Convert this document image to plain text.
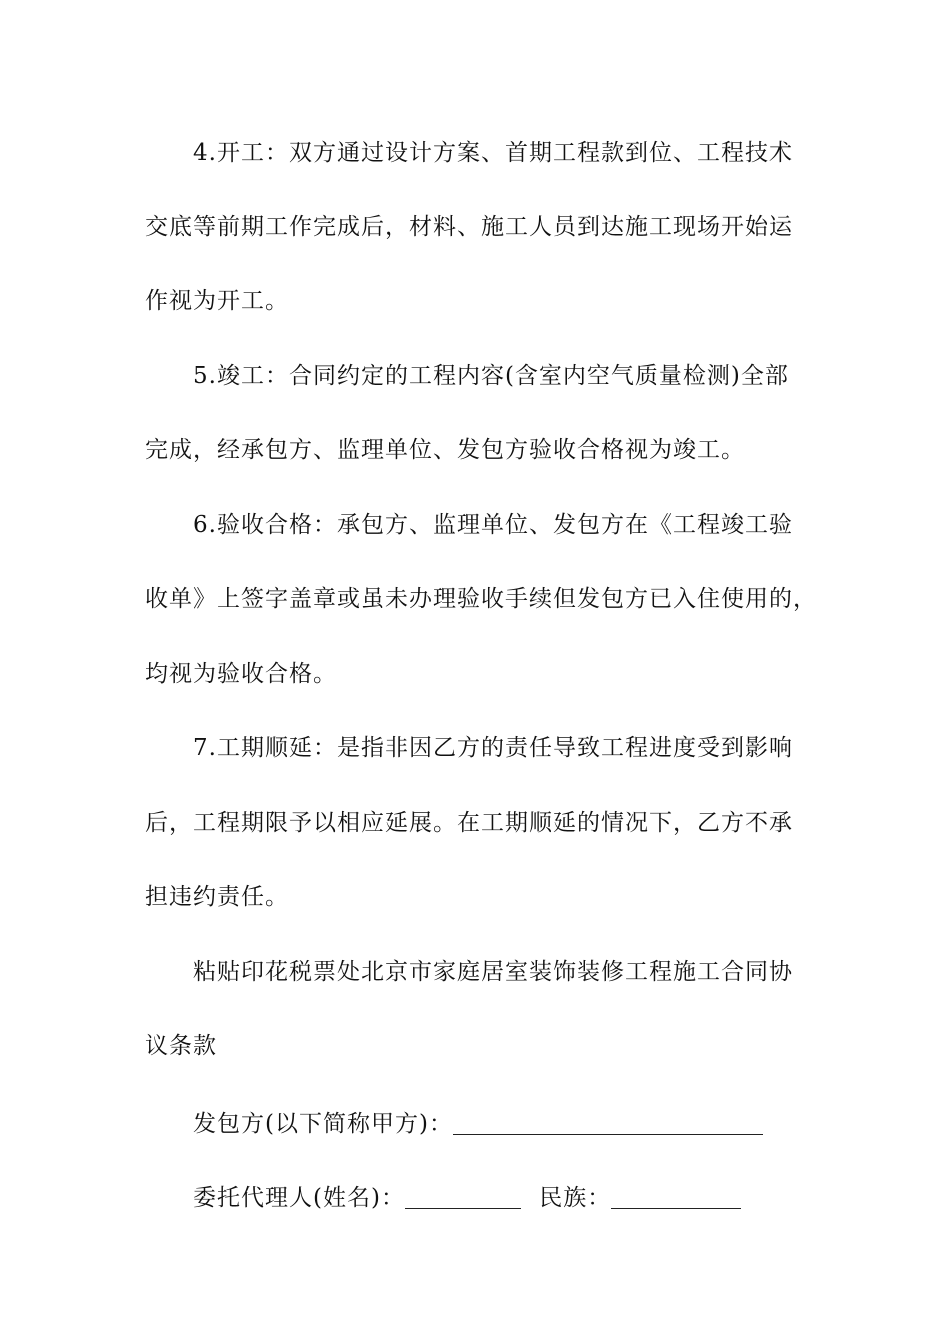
4.开工：双方通过设计方案、首期工程款到位、工程技术
交底等前期工作完成后，材料、施工人员到达施工现场开始运
作视为开工。
5.竣工：合同约定的工程内容(含室内空气质量检测)全部
完成，经承包方、监理单位、发包方验收合格视为竣工。
6.验收合格：承包方、监理单位、发包方在《工程竣工验
收单》上签字盖章或虽未办理验收手续但发包方已入住使用的，
均视为验收合格。
7.工期顺延：是指非因乙方的责任导致工程进度受到影响
后，工程期限予以相应延展。在工期顺延的情况下，乙方不承
担违约责任。
粘贴印花税票处北京市家庭居室装饰装修工程施工合同协
议条款
发包方(以下简称甲方)：
委托代理人(姓名)：	民族：
